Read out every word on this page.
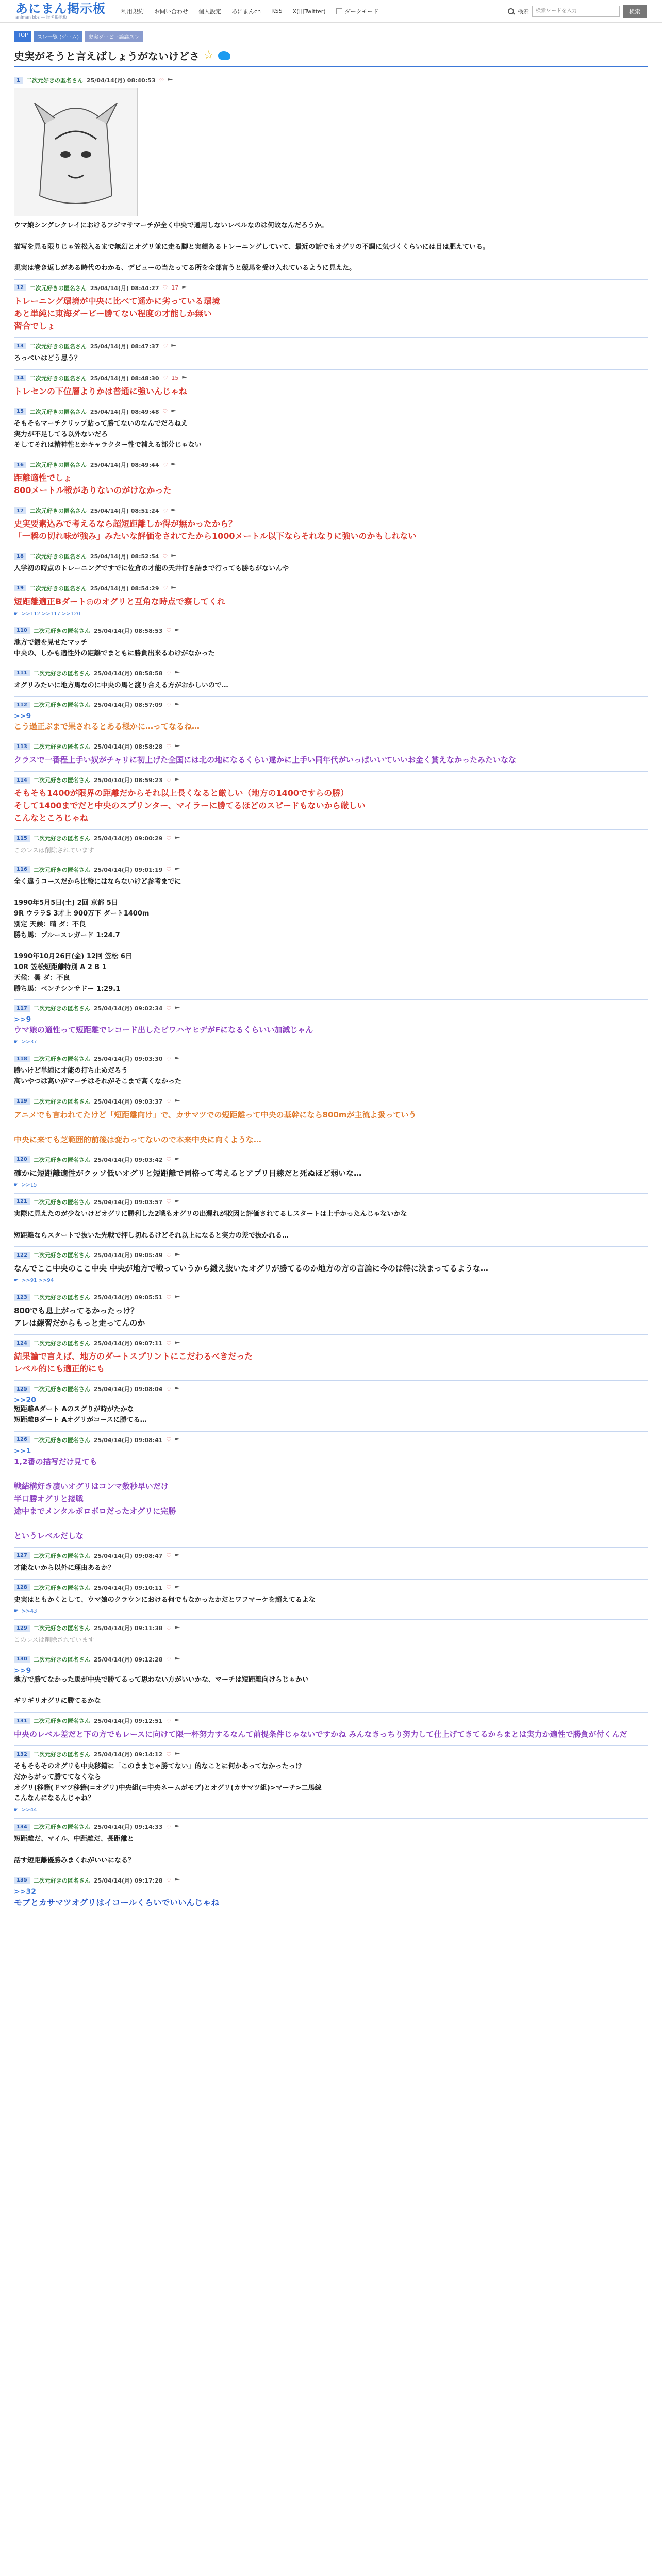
あにまん掲示板
animan bbs — 匿名掲示板
利用規約 お問い合わせ 個人設定 あにまんch RSS X(旧Twitter)	ダークモード	検索
検索ワードを入力	検索
TOP	スレ一覧 (ゲーム)	史実ダービー論議スレ
史実がそうと言えばしょうがないけどさ ☆
1	二次元好きの匿名さん 25/04/14(月) 08:40:53 ♡
ウマ娘シングレクレイにおけるフジマサマーチが全く中央で通用しないレベルなのは何故なんだろうか。

描写を見る限りじゃ笠松入るまで無幻とオグリ並に走る脚と実績あるトレーニングしていて、最近の話でもオグリの不調に気づくくらいには目は肥えている。

現実は巻き返しがある時代のわかる、デビューの当たってる所を全部言うと競馬を受け入れているように見えた。
12	二次元好きの匿名さん 25/04/14(月) 08:44:27 ♡ 17
トレーニング環境が中央に比べて遥かに劣っている環境
あと単純に東海ダービー勝てない程度の才能しか無い
習合でしょ
13	二次元好きの匿名さん 25/04/14(月) 08:47:37 ♡
ろっべいはどう思う？
14	二次元好きの匿名さん 25/04/14(月) 08:48:30 ♡ 15
トレセンの下位層よりかは普通に強いんじゃね
15	二次元好きの匿名さん 25/04/14(月) 08:49:48 ♡
そもそもマーチクリップ貼って勝てないのなんでだろねえ
実力が不足してる以外ないだろ
そしてそれは精神性とかキャラクター性で補える部分じゃない
16	二次元好きの匿名さん 25/04/14(月) 08:49:44 ♡
距離適性でしょ
800メートル戦がありないのがけなかった
17	二次元好きの匿名さん 25/04/14(月) 08:51:24 ♡
史実要素込みで考えるなら超短距離しか得が無かったから？
「一瞬の切れ味が強み」みたいな評価をされてたから1000メートル以下ならそれなりに強いのかもしれない
18	二次元好きの匿名さん 25/04/14(月) 08:52:54 ♡
入学初の時点のトレーニングですでに佐倉の才能の天井行き詰まで行っても勝ちがないんや
19	二次元好きの匿名さん 25/04/14(月) 08:54:29 ♡
短距離適正Bダート◎のオグリと互角な時点で察してくれ
☛ >>112 >>117 >>120
110	二次元好きの匿名さん 25/04/14(月) 08:58:53 ♡
地方で鍛を見せたマッチ
中央の、しかも適性外の距離でまともに勝負出来るわけがなかった
111	二次元好きの匿名さん 25/04/14(月) 08:58:58 ♡
オグリみたいに地方馬なのに中央の馬と渡り合える方がおかしいので…
112	二次元好きの匿名さん 25/04/14(月) 08:57:09 ♡
>>9
こう過正ぶまで果されるとある様かに…ってなるね…
113	二次元好きの匿名さん 25/04/14(月) 08:58:28 ♡
クラスで一番程上手い奴がチャリに初上げた全国には北の地になるくらい違かに上手い同年代がいっぱいいていいお金く賞えなかったみたいなな
114	二次元好きの匿名さん 25/04/14(月) 08:59:23 ♡
そもそも1400が限界の距離だからそれ以上長くなると厳しい（地方の1400ですらの勝）
そして1400までだと中央のスプリンター、マイラーに勝てるほどのスピードもないから厳しい
こんなところじゃね
115	二次元好きの匿名さん 25/04/14(月) 09:00:29 ♡
このレスは削除されています
116	二次元好きの匿名さん 25/04/14(月) 09:01:19 ♡
全く違うコースだから比較にはならないけど参考までに

1990年5月5日(土) 2回 京都 5日
9R ウララS 3才上 900万下 ダート1400m
別定 天候：晴 ダ：不良
勝ち馬：ブルースレガード 1:24.7

1990年10月26日(金) 12回 笠松 6日
10R 笠松短距離特別 A 2 B 1
天候：曇 ダ：不良
勝ち馬：ベンチシンサドー 1:29.1
117	二次元好きの匿名さん 25/04/14(月) 09:02:34 ♡
>>9
ウマ娘の適性って短距離でレコード出したビワハヤヒデがFになるくらいい加減じゃん
☛ >>37
118	二次元好きの匿名さん 25/04/14(月) 09:03:30 ♡
勝いけど単純に才能の打ち止めだろう
高いやつは高いがマーチはそれがそこまで高くなかった
119	二次元好きの匿名さん 25/04/14(月) 09:03:37 ♡
アニメでも言われてたけど「短距離向け」で、カサマツでの短距離って中央の基幹になら800mが主流よ扱っていう

中央に来ても芝範囲的前後は変わってないので本来中央に向くような…
120	二次元好きの匿名さん 25/04/14(月) 09:03:42 ♡
確かに短距離適性がクッソ低いオグリと短距離で同格って考えるとアプリ目線だと死ぬほど弱いな…
☛ >>15
121	二次元好きの匿名さん 25/04/14(月) 09:03:57 ♡
実際に見えたのが少ないけどオグリに勝利した2戦もオグリの出遅れが敗因と評価されてるしスタートは上手かったんじゃないかな

短距離ならスタートで抜いた先戦で押し切れるけどそれ以上になると実力の差で抜かれる…
122	二次元好きの匿名さん 25/04/14(月) 09:05:49 ♡
なんでここ中央のここ中央 中央が地方で戦っていうから鍛え抜いたオグリが勝てるのか地方の方の言論に今のは特に決まってるような…
☛ >>91 >>94
123	二次元好きの匿名さん 25/04/14(月) 09:05:51 ♡
800でも息上がってるかったっけ？
アレは練習だからもっと走ってんのか
124	二次元好きの匿名さん 25/04/14(月) 09:07:11 ♡
結果論で言えば、地方のダートスプリントにこだわるべきだった
レベル的にも適正的にも
125	二次元好きの匿名さん 25/04/14(月) 09:08:04 ♡
>>20
短距離Aダート Aのスグりが時がたかな
短距離Bダート Aオグリがコースに勝てる…
126	二次元好きの匿名さん 25/04/14(月) 09:08:41 ♡
>>1
1,2番の描写だけ見ても

戦結構好き凄いオグリはコンマ数秒早いだけ
半口勝オグリと接戦
途中までメンタルポロボロだったオグリに完勝

というレベルだしな
127	二次元好きの匿名さん 25/04/14(月) 09:08:47 ♡
才能ないから以外に理由あるか？
128	二次元好きの匿名さん 25/04/14(月) 09:10:11 ♡
史実はともかくとして、ウマ娘のクラウンにおける何でもなかったかだとワフマーケを超えてるよな
☛ >>43
129	二次元好きの匿名さん 25/04/14(月) 09:11:38 ♡
このレスは削除されています
130	二次元好きの匿名さん 25/04/14(月) 09:12:28 ♡
>>9
地方で勝てなかった馬が中央で勝てるって思わない方がいいかな、マーチは短距離向けらじゃかい

ギリギリオグリに勝てるかな
131	二次元好きの匿名さん 25/04/14(月) 09:12:51 ♡
中央のレベル差だと下の方でもレースに向けて限一杯努力するなんて前提条件じゃないですかね みんなきっちり努力して仕上げてきてるからまとは実力か適性で勝負が付くんだ
132	二次元好きの匿名さん 25/04/14(月) 09:14:12 ♡
そもそもそのオグリも中央移籍に「このままじゃ勝てない」的なことに何かあってなかったっけ
だからがって勝ててなくなら
オグリ(移籍(ドマツ移籍(=オグリ)中央組(=中央ネームがモブ)とオグリ(カサマツ組)>マーチ>二馬線
こんなんになるんじゃね？
☛ >>44
134	二次元好きの匿名さん 25/04/14(月) 09:14:33 ♡
短距離だ、マイル、中距離だ、長距離と

話す短距離優勝みまくれがいいになる？
135	二次元好きの匿名さん 25/04/14(月) 09:17:28 ♡
>>32
モブとカサマツオグリはイコールくらいでいいんじゃね
